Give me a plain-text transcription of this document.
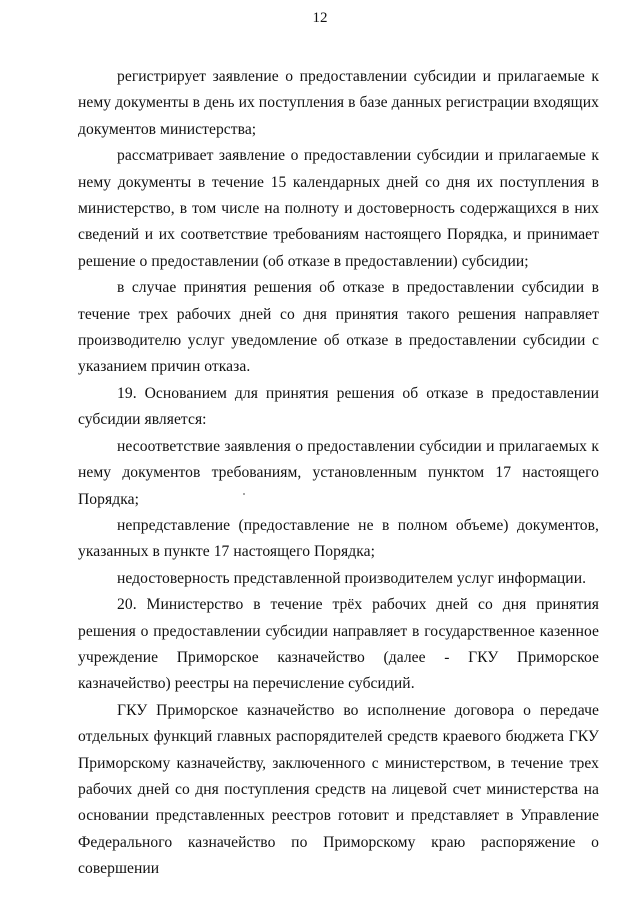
12

регистрирует заявление о предоставлении субсидии и прилагаемые к нему документы в день их поступления в базе данных регистрации входящих документов министерства;

рассматривает заявление о предоставлении субсидии и прилагаемые к нему документы в течение 15 календарных дней со дня их поступления в министерство, в том числе на полноту и достоверность содержащихся в них сведений и их соответствие требованиям настоящего Порядка, и принимает решение о предоставлении (об отказе в предоставлении) субсидии;

в случае принятия решения об отказе в предоставлении субсидии в течение трех рабочих дней со дня принятия такого решения направляет производителю услуг уведомление об отказе в предоставлении субсидии с указанием причин отказа.

19. Основанием для принятия решения об отказе в предоставлении субсидии является:

несоответствие заявления о предоставлении субсидии и прилагаемых к нему документов требованиям, установленным пунктом 17 настоящего Порядка;

непредставление (предоставление не в полном объеме) документов, указанных в пункте 17 настоящего Порядка;

недостоверность представленной производителем услуг информации.

20. Министерство в течение трёх рабочих дней со дня принятия решения о предоставлении субсидии направляет в государственное казенное учреждение Приморское казначейство (далее - ГКУ Приморское казначейство) реестры на перечисление субсидий.

ГКУ Приморское казначейство во исполнение договора о передаче отдельных функций главных распорядителей средств краевого бюджета ГКУ Приморскому казначейству, заключенного с министерством, в течение трех рабочих дней со дня поступления средств на лицевой счет министерства на основании представленных реестров готовит и представляет в Управление Федерального казначейство по Приморскому краю распоряжение о совершении
